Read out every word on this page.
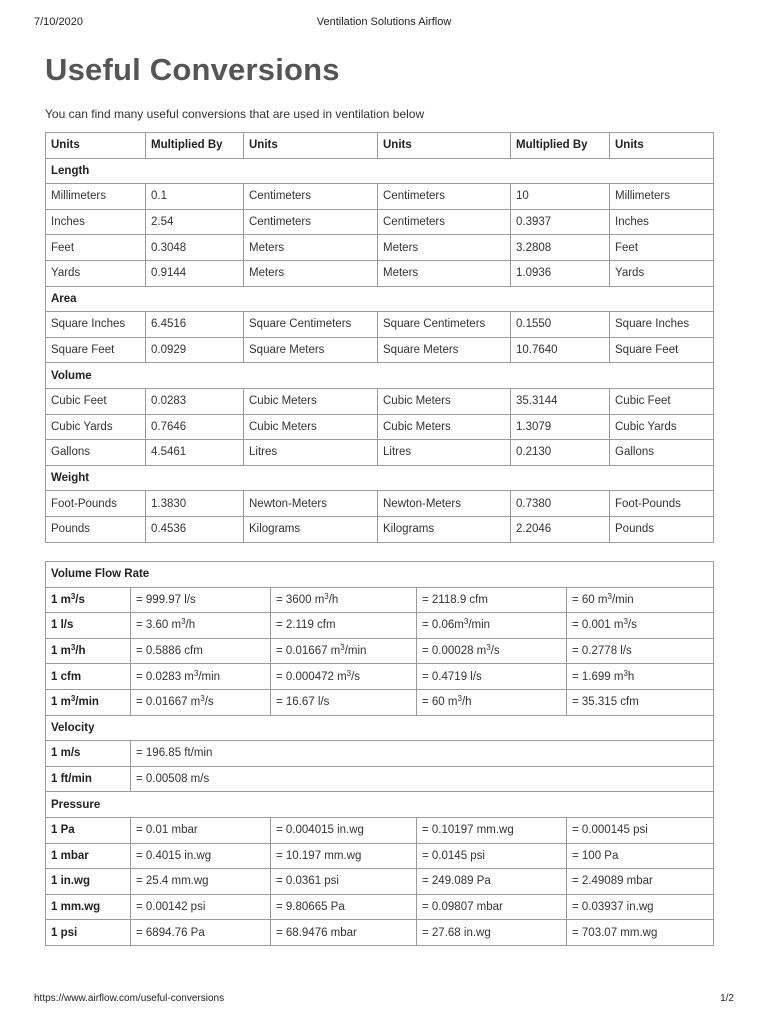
7/10/2020	Ventilation Solutions Airflow
Useful Conversions

You can find many useful conversions that are used in ventilation below

Units	Multiplied By	Units	Units	Multiplied By	Units
Length					
Millimeters	0.1	Centimeters	Centimeters	10	Millimeters
Inches	2.54	Centimeters	Centimeters	0.3937	Inches
Feet	0.3048	Meters	Meters	3.2808	Feet
Yards	0.9144	Meters	Meters	1.0936	Yards
Area					
Square Inches	6.4516	Square Centimeters	Square Centimeters	0.1550	Square Inches
Square Feet	0.0929	Square Meters	Square Meters	10.7640	Square Feet
Volume					
Cubic Feet	0.0283	Cubic Meters	Cubic Meters	35.3144	Cubic Feet
Cubic Yards	0.7646	Cubic Meters	Cubic Meters	1.3079	Cubic Yards
Gallons	4.5461	Litres	Litres	0.2130	Gallons
Weight					
Foot-Pounds	1.3830	Newton-Meters	Newton-Meters	0.7380	Foot-Pounds
Pounds	0.4536	Kilograms	Kilograms	2.2046	Pounds
Volume Flow Rate				
1 $m^3/s$	= 999.97 l/s	= 3600 $m^3/h$	= 2118.9 cfm	= 60 $m^3/\min$
1 l/s	= 3.60 $m^3/h$	= 2.119 cfm	= $0.06m^3/\min$	= 0.001 $m^3/s$
1 $m^3/h$	= 0.5886 cfm	= 0.01667 $m^3/\min$	= 0.00028 $m^3/s$	= 0.2778 l/s
1 cfm	= 0.0283 $m^3/\min$	= 0.000472 $m^3/s$	= 0.4719 l/s	= 1.699 $m^3h$
1 $m^3/\min$	= 0.01667 $m^3/s$	= 16.67 l/s	= 60 $m^3/h$	= 35.315 cfm
Velocity				
1 m/s	= 196.85 ft/min			
1 ft/min	= 0.00508 m/s			
Pressure				
1 Pa	= 0.01 mbar	= 0.004015 in.wg	= 0.10197 mm.wg	= 0.000145 psi
1 mbar	= 0.4015 in.wg	= 10.197 mm.wg	= 0.0145 psi	= 100 Pa
1 in.wg	= 25.4 mm.wg	= 0.0361 psi	= 249.089 Pa	= 2.49089 mbar
1 mm.wg	= 0.00142 psi	= 9.80665 Pa	= 0.09807 mbar	= 0.03937 in.wg
1 psi	= 6894.76 Pa	= 68.9476 mbar	= 27.68 in.wg	= 703.07 mm.wg
https://www.airflow.com/useful-conversions	1/2
